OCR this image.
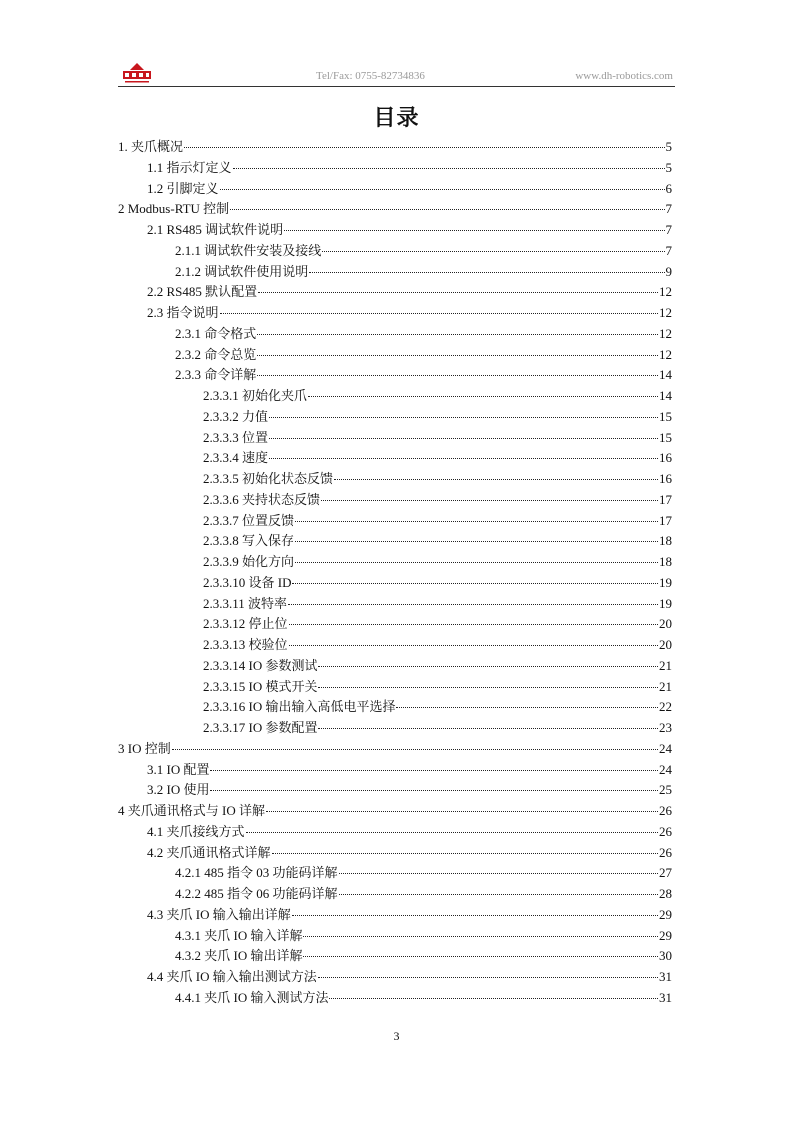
Tel/Fax: 0755-82734836	www.dh-robotics.com
目录
1. 夹爪概况	5
1.1 指示灯定义	5
1.2 引脚定义	6
2 Modbus-RTU 控制	7
2.1 RS485 调试软件说明	7
2.1.1 调试软件安装及接线	7
2.1.2 调试软件使用说明	9
2.2 RS485 默认配置	12
2.3 指令说明	12
2.3.1 命令格式	12
2.3.2 命令总览	12
2.3.3 命令详解	14
2.3.3.1 初始化夹爪	14
2.3.3.2 力值	15
2.3.3.3 位置	15
2.3.3.4 速度	16
2.3.3.5 初始化状态反馈	16
2.3.3.6 夹持状态反馈	17
2.3.3.7 位置反馈	17
2.3.3.8 写入保存	18
2.3.3.9 始化方向	18
2.3.3.10 设备 ID	19
2.3.3.11 波特率	19
2.3.3.12 停止位	20
2.3.3.13 校验位	20
2.3.3.14 IO 参数测试	21
2.3.3.15 IO 模式开关	21
2.3.3.16 IO 输出输入高低电平选择	22
2.3.3.17 IO 参数配置	23
3 IO 控制	24
3.1 IO 配置	24
3.2 IO 使用	25
4 夹爪通讯格式与 IO 详解	26
4.1 夹爪接线方式	26
4.2 夹爪通讯格式详解	26
4.2.1 485 指令 03 功能码详解	27
4.2.2 485 指令 06 功能码详解	28
4.3 夹爪 IO 输入输出详解	29
4.3.1 夹爪 IO 输入详解	29
4.3.2 夹爪 IO 输出详解	30
4.4 夹爪 IO 输入输出测试方法	31
4.4.1 夹爪 IO 输入测试方法	31
3
